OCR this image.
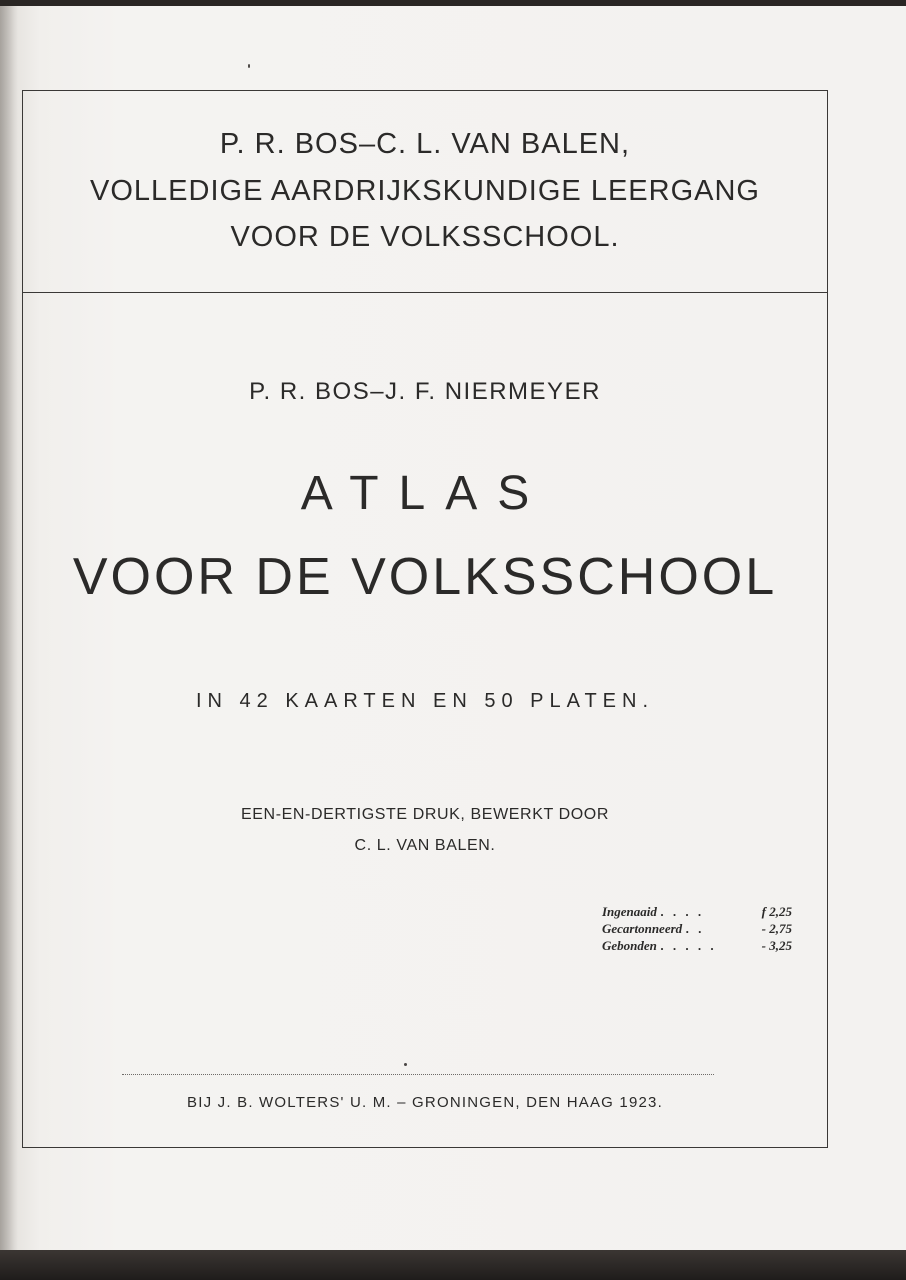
P. R. BOS–C. L. VAN BALEN,
VOLLEDIGE AARDRIJKSKUNDIGE LEERGANG
VOOR DE VOLKSSCHOOL.
P. R. BOS–J. F. NIERMEYER
ATLAS
VOOR DE VOLKSSCHOOL
IN 42 KAARTEN EN 50 PLATEN.
EEN-EN-DERTIGSTE DRUK, BEWERKT DOOR
C. L. VAN BALEN.
Ingenaaid . . . .	f 2,25
Gecartonneerd . .	- 2,75
Gebonden . . . . .	- 3,25
BIJ J. B. WOLTERS' U. M. – GRONINGEN, DEN HAAG 1923.
